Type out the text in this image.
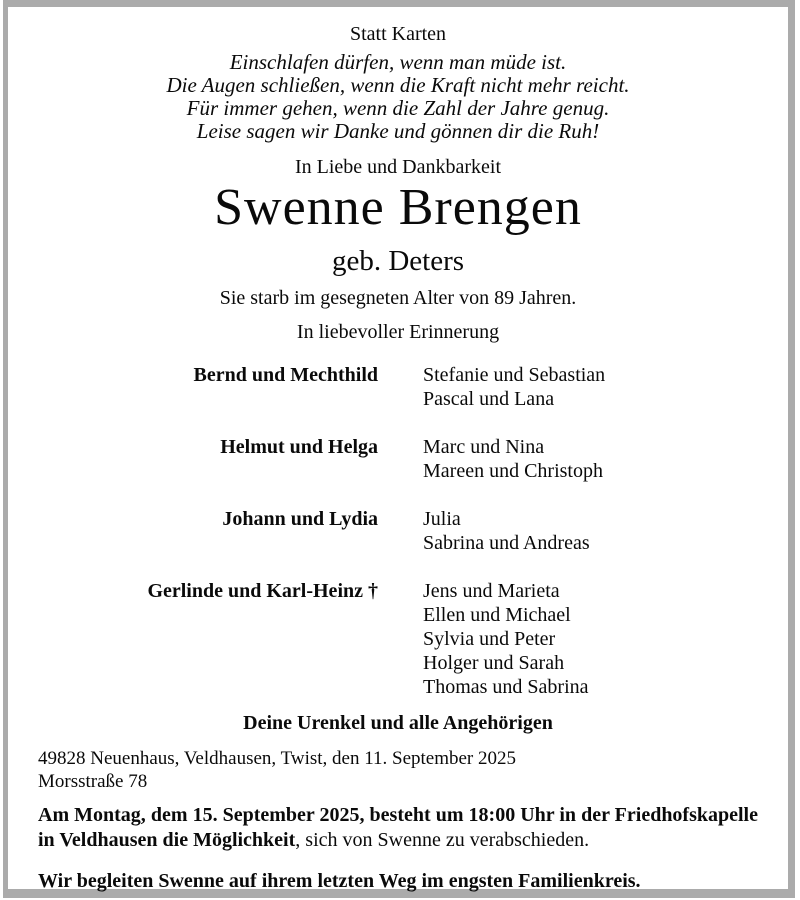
Statt Karten
Einschlafen dürfen, wenn man müde ist.
Die Augen schließen, wenn die Kraft nicht mehr reicht.
Für immer gehen, wenn die Zahl der Jahre genug.
Leise sagen wir Danke und gönnen dir die Ruh!
In Liebe und Dankbarkeit
Swenne Brengen
geb. Deters
Sie starb im gesegneten Alter von 89 Jahren.
In liebevoller Erinnerung
Bernd und Mechthild Stefanie und Sebastian
Pascal und Lana
Helmut und Helga Marc und Nina
Mareen und Christoph
Johann und Lydia Julia
Sabrina und Andreas
Gerlinde und Karl-Heinz † Jens und Marieta
Ellen und Michael
Sylvia und Peter
Holger und Sarah
Thomas und Sabrina
Deine Urenkel und alle Angehörigen
49828 Neuenhaus, Veldhausen, Twist, den 11. September 2025
Morsstraße 78
Am Montag, dem 15. September 2025, besteht um 18:00 Uhr in der Friedhofskapelle in Veldhausen die Möglichkeit, sich von Swenne zu verabschieden.
Wir begleiten Swenne auf ihrem letzten Weg im engsten Familienkreis.
